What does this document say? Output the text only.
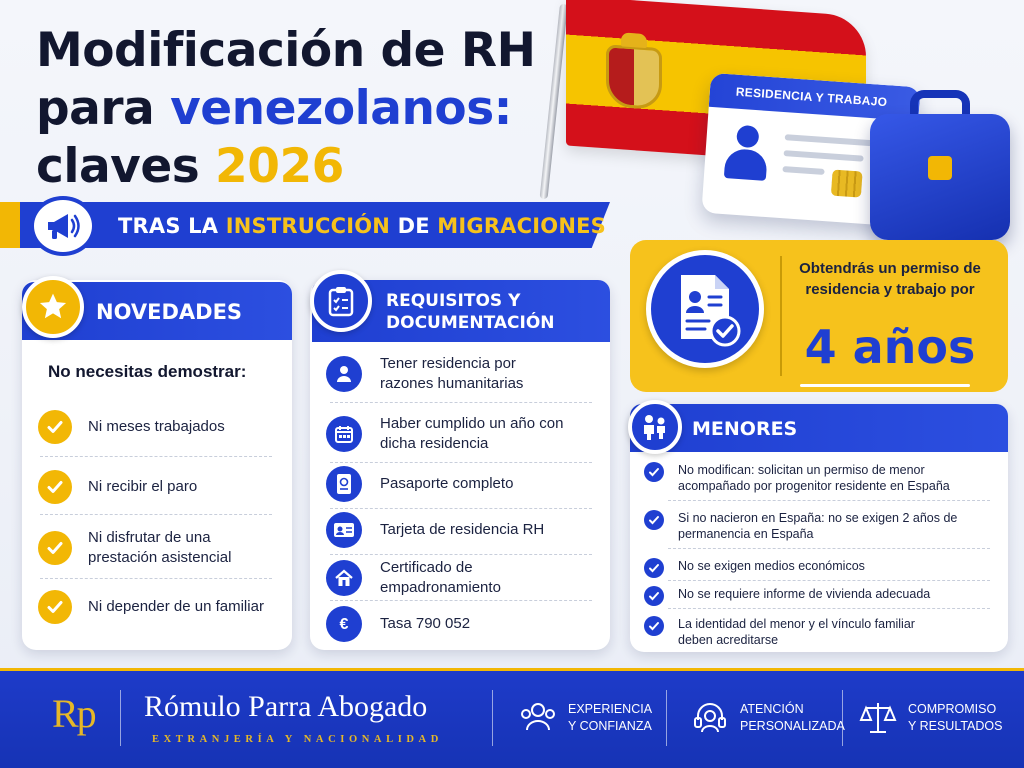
Modificación de RH
para venezolanos:
claves 2026
RESIDENCIA Y TRABAJO
TRAS LA INSTRUCCIÓN DE MIGRACIONES
NOVEDADES
No necesitas demostrar:
Ni meses trabajados
Ni recibir el paro
Ni disfrutar de una prestación asistencial
Ni depender de un familiar
REQUISITOS Y
DOCUMENTACIÓN
Tener residencia por razones humanitarias
Haber cumplido un año con dicha residencia
Pasaporte completo
Tarjeta de residencia RH
Certificado de empadronamiento
€ Tasa 790 052
Obtendrás un permiso de residencia y trabajo por
4 años
MENORES
No modifican: solicitan un permiso de menor acompañado por progenitor residente en España
Si no nacieron en España: no se exigen 2 años de permanencia en España
No se exigen medios económicos
No se requiere informe de vivienda adecuada
La identidad del menor y el vínculo familiar deben acreditarse
Rp Rómulo Parra Abogado
EXTRANJERÍA Y NACIONALIDAD
EXPERIENCIA
Y CONFIANZA
ATENCIÓN
PERSONALIZADA
COMPROMISO
Y RESULTADOS
